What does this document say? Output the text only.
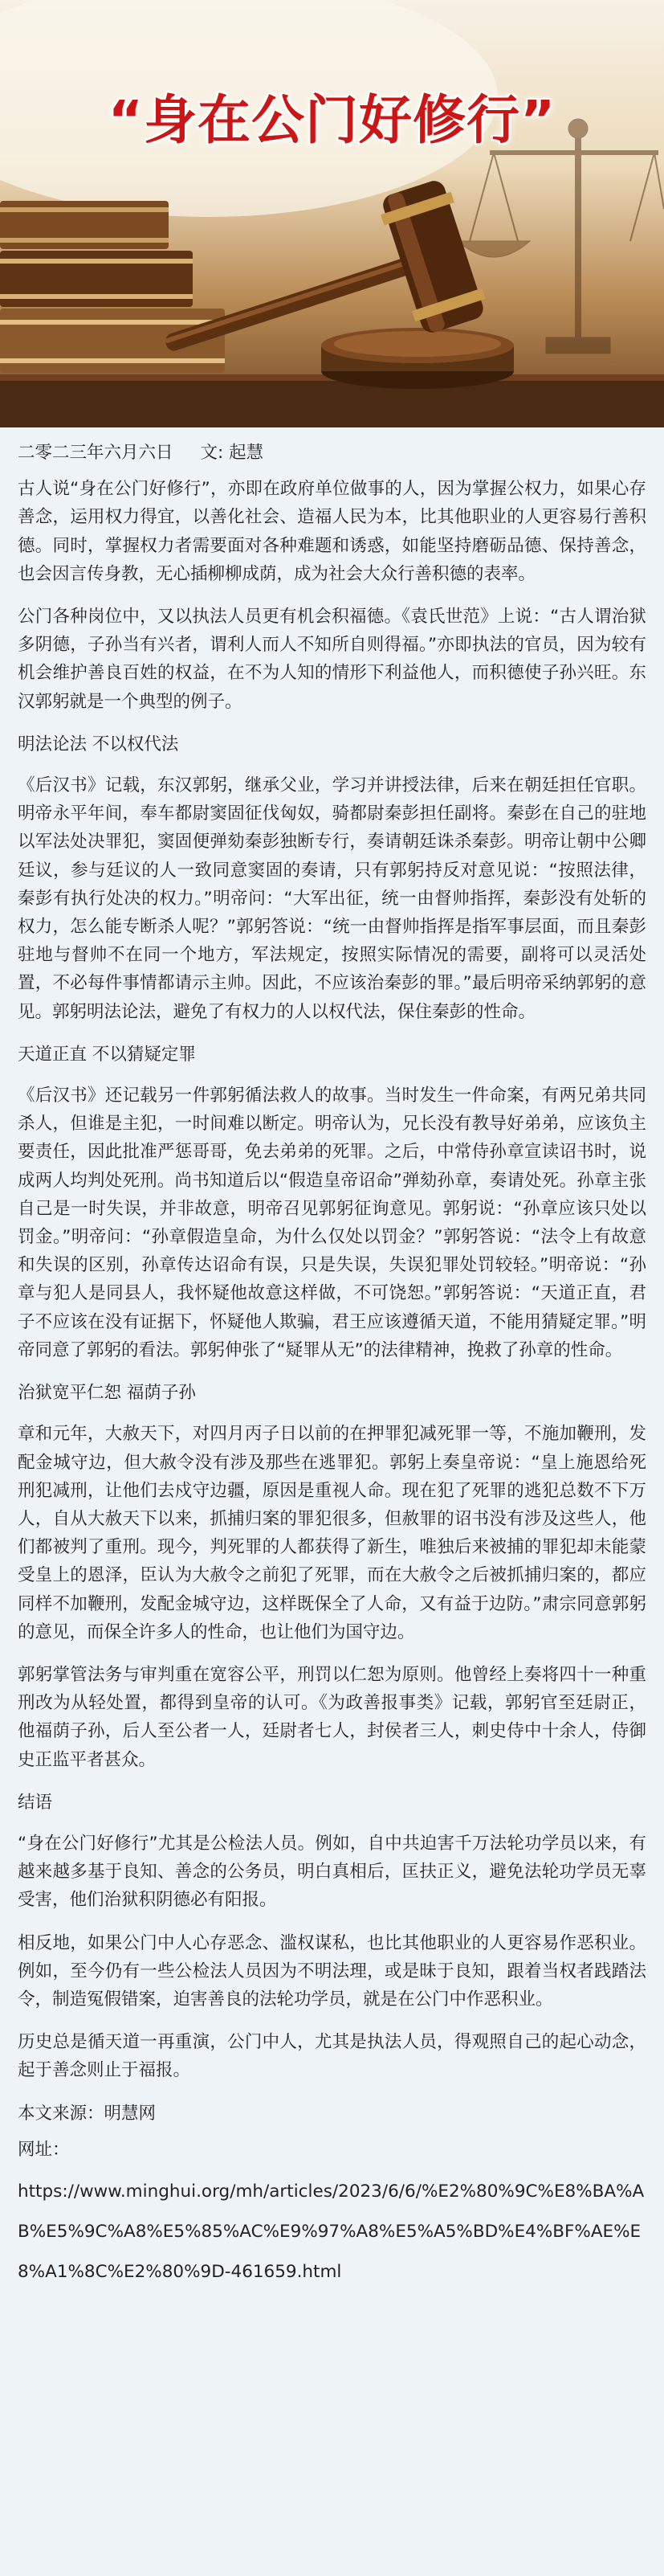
“身在公门好修行”
二零二三年六月六日 文: 起慧

古人说“身在公门好修行”，亦即在政府单位做事的人，因为掌握公权力，如果心存善念，运用权力得宜，以善化社会、造福人民为本，比其他职业的人更容易行善积德。同时，掌握权力者需要面对各种难题和诱惑，如能坚持磨砺品德、保持善念，也会因言传身教，无心插柳柳成荫，成为社会大众行善积德的表率。

公门各种岗位中，又以执法人员更有机会积福德。《袁氏世范》上说：“古人谓治狱多阴德，子孙当有兴者，谓利人而人不知所自则得福。”亦即执法的官员，因为较有机会维护善良百姓的权益，在不为人知的情形下利益他人，而积德使子孙兴旺。东汉郭躬就是一个典型的例子。

明法论法 不以权代法

《后汉书》记载，东汉郭躬，继承父业，学习并讲授法律，后来在朝廷担任官职。明帝永平年间，奉车都尉窦固征伐匈奴，骑都尉秦彭担任副将。秦彭在自己的驻地以军法处决罪犯，窦固便弹劾秦彭独断专行，奏请朝廷诛杀秦彭。明帝让朝中公卿廷议，参与廷议的人一致同意窦固的奏请，只有郭躬持反对意见说：“按照法律，秦彭有执行处决的权力。”明帝问：“大军出征，统一由督帅指挥，秦彭没有处斩的权力，怎么能专断杀人呢？”郭躬答说：“统一由督帅指挥是指军事层面，而且秦彭驻地与督帅不在同一个地方，军法规定，按照实际情况的需要，副将可以灵活处置，不必每件事情都请示主帅。因此，不应该治秦彭的罪。”最后明帝采纳郭躬的意见。郭躬明法论法，避免了有权力的人以权代法，保住秦彭的性命。

天道正直 不以猜疑定罪

《后汉书》还记载另一件郭躬循法救人的故事。当时发生一件命案，有两兄弟共同杀人，但谁是主犯，一时间难以断定。明帝认为，兄长没有教导好弟弟，应该负主要责任，因此批准严惩哥哥，免去弟弟的死罪。之后，中常侍孙章宣读诏书时，说成两人均判处死刑。尚书知道后以“假造皇帝诏命”弹劾孙章，奏请处死。孙章主张自己是一时失误，并非故意，明帝召见郭躬征询意见。郭躬说：“孙章应该只处以罚金。”明帝问：“孙章假造皇命，为什么仅处以罚金？”郭躬答说：“法令上有故意和失误的区别，孙章传达诏命有误，只是失误，失误犯罪处罚较轻。”明帝说：“孙章与犯人是同县人，我怀疑他故意这样做，不可饶恕。”郭躬答说：“天道正直，君子不应该在没有证据下，怀疑他人欺骗，君王应该遵循天道，不能用猜疑定罪。”明帝同意了郭躬的看法。郭躬伸张了“疑罪从无”的法律精神，挽救了孙章的性命。

治狱宽平仁恕 福荫子孙

章和元年，大赦天下，对四月丙子日以前的在押罪犯减死罪一等，不施加鞭刑，发配金城守边，但大赦令没有涉及那些在逃罪犯。郭躬上奏皇帝说：“皇上施恩给死刑犯减刑，让他们去戍守边疆，原因是重视人命。现在犯了死罪的逃犯总数不下万人，自从大赦天下以来，抓捕归案的罪犯很多，但赦罪的诏书没有涉及这些人，他们都被判了重刑。现今，判死罪的人都获得了新生，唯独后来被捕的罪犯却未能蒙受皇上的恩泽，臣认为大赦令之前犯了死罪，而在大赦令之后被抓捕归案的，都应同样不加鞭刑，发配金城守边，这样既保全了人命，又有益于边防。”肃宗同意郭躬的意见，而保全许多人的性命，也让他们为国守边。

郭躬掌管法务与审判重在宽容公平，刑罚以仁恕为原则。他曾经上奏将四十一种重刑改为从轻处置，都得到皇帝的认可。《为政善报事类》记载，郭躬官至廷尉正，他福荫子孙，后人至公者一人，廷尉者七人，封侯者三人，刺史侍中十余人，侍御史正监平者甚众。

结语

“身在公门好修行”尤其是公检法人员。例如，自中共迫害千万法轮功学员以来，有越来越多基于良知、善念的公务员，明白真相后，匡扶正义，避免法轮功学员无辜受害，他们治狱积阴德必有阳报。

相反地，如果公门中人心存恶念、滥权谋私，也比其他职业的人更容易作恶积业。例如，至今仍有一些公检法人员因为不明法理，或是昧于良知，跟着当权者践踏法令，制造冤假错案，迫害善良的法轮功学员，就是在公门中作恶积业。

历史总是循天道一再重演，公门中人，尤其是执法人员，得观照自己的起心动念，起于善念则止于福报。

本文来源：明慧网

网址：

https://www.minghui.org/mh/articles/2023/6/6/%E2%80%9C%E8%BA%AB%E5%9C%A8%E5%85%AC%E9%97%A8%E5%A5%BD%E4%BF%AE%E8%A1%8C%E2%80%9D-461659.html
